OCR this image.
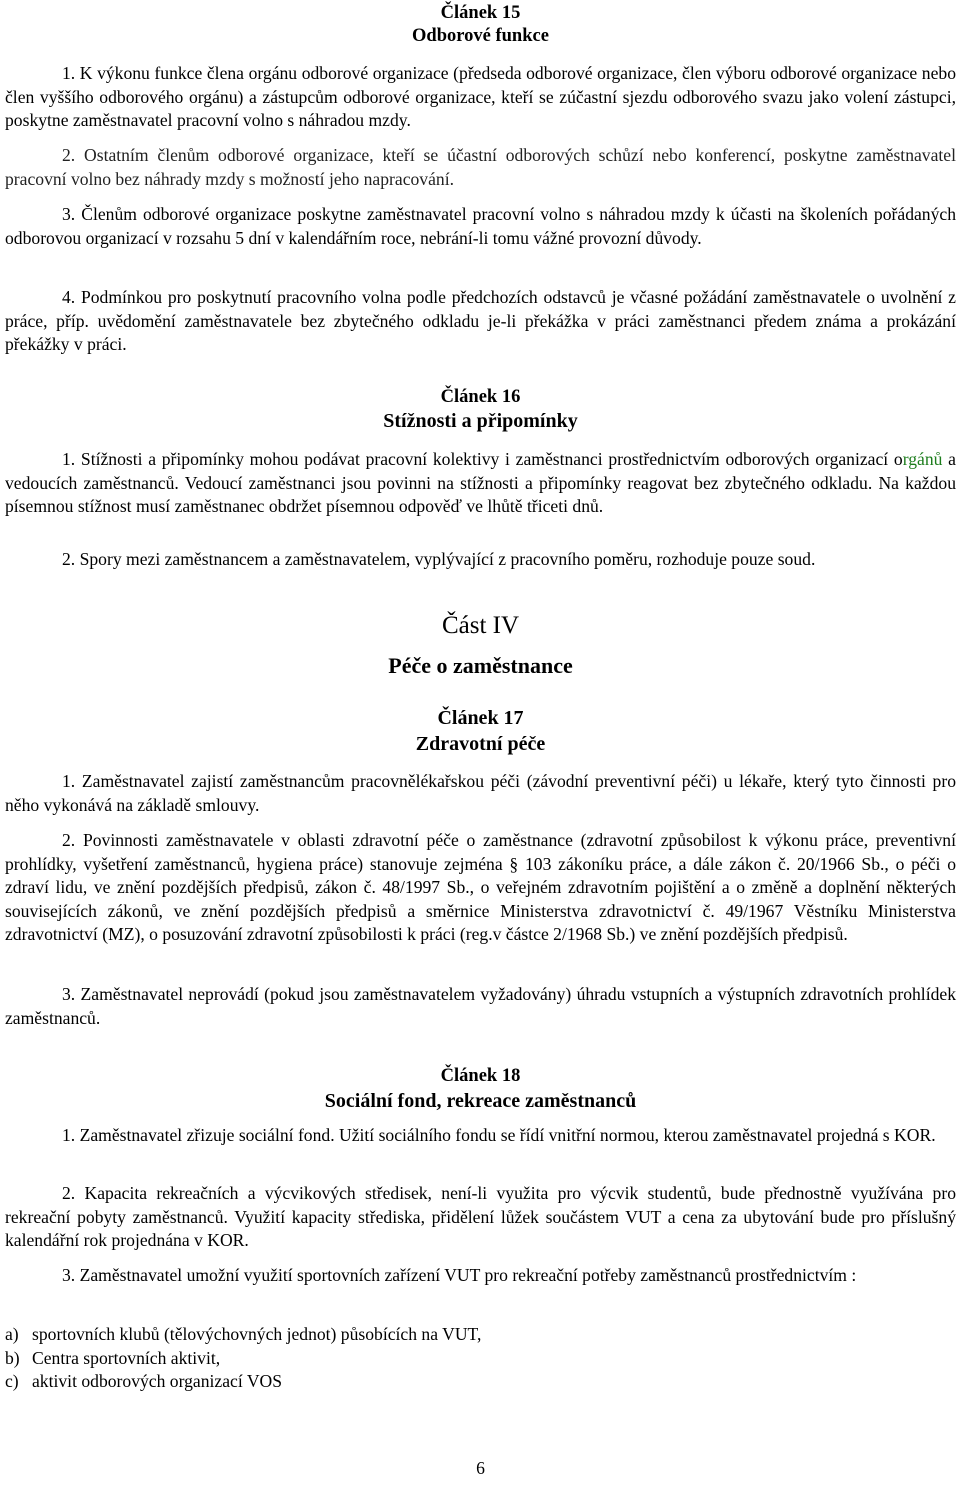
Článek 15
Odborové funkce

1. K výkonu funkce člena orgánu odborové organizace (předseda odborové organizace, člen výboru odborové organizace nebo člen vyššího odborového orgánu) a zástupcům odborové organizace, kteří se zúčastní sjezdu odborového svazu jako volení zástupci, poskytne zaměstnavatel pracovní volno s náhradou mzdy.

2. Ostatním členům odborové organizace, kteří se účastní odborových schůzí nebo konferencí, poskytne zaměstnavatel pracovní volno bez náhrady mzdy s možností jeho napracování.

3. Členům odborové organizace poskytne zaměstnavatel pracovní volno s náhradou mzdy k účasti na školeních pořádaných odborovou organizací v rozsahu 5 dní v kalendářním roce, nebrání-li tomu vážné provozní důvody.

4. Podmínkou pro poskytnutí pracovního volna podle předchozích odstavců je včasné požádání zaměstnavatele o uvolnění z práce, příp. uvědomění zaměstnavatele bez zbytečného odkladu je-li překážka v práci zaměstnanci předem známa a prokázání překážky v práci.

Článek 16
Stížnosti a připomínky

1. Stížnosti a připomínky mohou podávat pracovní kolektivy i zaměstnanci prostřednictvím odborových organizací orgánů a vedoucích zaměstnanců. Vedoucí zaměstnanci jsou povinni na stížnosti a připomínky reagovat bez zbytečného odkladu. Na každou písemnou stížnost musí zaměstnanec obdržet písemnou odpověď ve lhůtě třiceti dnů.

2. Spory mezi zaměstnancem a zaměstnavatelem, vyplývající z pracovního poměru, rozhoduje pouze soud.

Část IV
Péče o zaměstnance
Článek 17
Zdravotní péče

1. Zaměstnavatel zajistí zaměstnancům pracovnělékařskou péči (závodní preventivní péči) u lékaře, který tyto činnosti pro něho vykonává na základě smlouvy.

2. Povinnosti zaměstnavatele v oblasti zdravotní péče o zaměstnance (zdravotní způsobilost k výkonu práce, preventivní prohlídky, vyšetření zaměstnanců, hygiena práce) stanovuje zejména § 103 zákoníku práce, a dále zákon č. 20/1966 Sb., o péči o zdraví lidu, ve znění pozdějších předpisů, zákon č. 48/1997 Sb., o veřejném zdravotním pojištění a o změně a doplnění některých souvisejících zákonů, ve znění pozdějších předpisů a směrnice Ministerstva zdravotnictví č. 49/1967 Věstníku Ministerstva zdravotnictví (MZ), o posuzování zdravotní způsobilosti k práci (reg.v částce 2/1968 Sb.) ve znění pozdějších předpisů.

3. Zaměstnavatel neprovádí (pokud jsou zaměstnavatelem vyžadovány) úhradu vstupních a výstupních zdravotních prohlídek zaměstnanců.

Článek 18
Sociální fond, rekreace zaměstnanců

1. Zaměstnavatel zřizuje sociální fond. Užití sociálního fondu se řídí vnitřní normou, kterou zaměstnavatel projedná s KOR.

2. Kapacita rekreačních a výcvikových středisek, není-li využita pro výcvik studentů, bude přednostně využívána pro rekreační pobyty zaměstnanců. Využití kapacity střediska, přidělení lůžek součástem VUT a cena za ubytování bude pro příslušný kalendářní rok projednána v KOR.

3. Zaměstnavatel umožní využití sportovních zařízení VUT pro rekreační potřeby zaměstnanců prostřednictvím :

a) sportovních klubů (tělovýchovných jednot) působících na VUT,
b) Centra sportovních aktivit,
c) aktivit odborových organizací VOS
6
